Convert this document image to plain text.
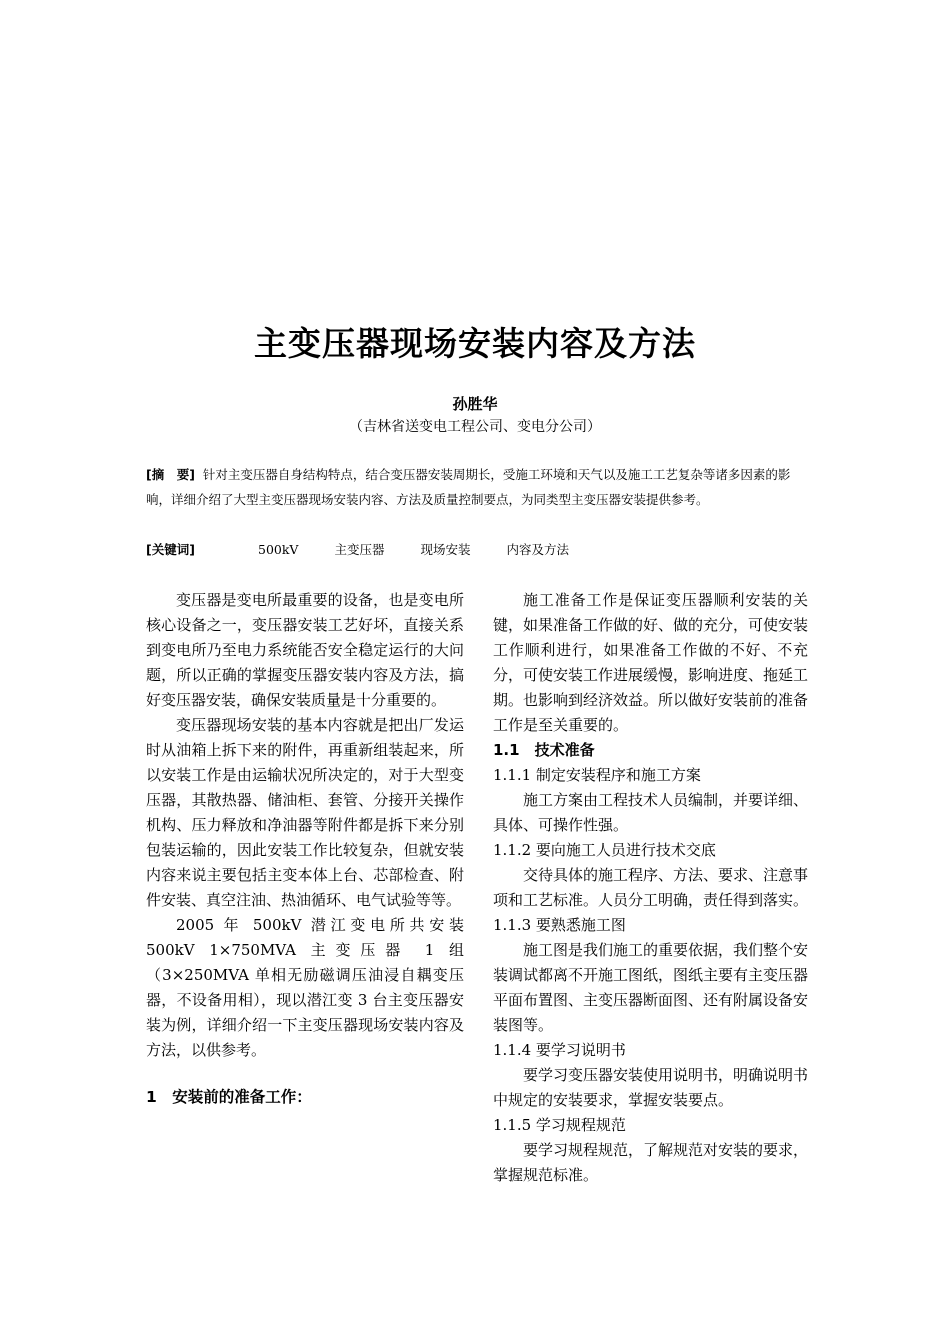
主变压器现场安装内容及方法
孙胜华
（吉林省送变电工程公司、变电分公司）
[摘　要] 针对主变压器自身结构特点，结合变压器安装周期长，受施工环境和天气以及施工工艺复杂等诸多因素的影响，详细介绍了大型主变压器现场安装内容、方法及质量控制要点，为同类型主变压器安装提供参考。
[关键词]	500kV	主变压器	现场安装	内容及方法

变压器是变电所最重要的设备，也是变电所核心设备之一，变压器安装工艺好坏，直接关系到变电所乃至电力系统能否安全稳定运行的大问题，所以正确的掌握变压器安装内容及方法，搞好变压器安装，确保安装质量是十分重要的。

变压器现场安装的基本内容就是把出厂发运时从油箱上拆下来的附件，再重新组装起来，所以安装工作是由运输状况所决定的，对于大型变压器，其散热器、储油柜、套管、分接开关操作机构、压力释放和净油器等附件都是拆下来分别包装运输的，因此安装工作比较复杂，但就安装内容来说主要包括主变本体上台、芯部检查、附件安装、真空注油、热油循环、电气试验等等。

2005 年 500kV 潜江变电所共安装 500kV 1×750MVA 主变压器 1 组（3×250MVA 单相无励磁调压油浸自耦变压器，不设备用相），现以潜江变 3 台主变压器安装为例，详细介绍一下主变压器现场安装内容及方法，以供参考。

1　安装前的准备工作：

施工准备工作是保证变压器顺利安装的关键，如果准备工作做的好、做的充分，可使安装工作顺利进行，如果准备工作做的不好、不充分，可使安装工作进展缓慢，影响进度、拖延工期。也影响到经济效益。所以做好安装前的准备工作是至关重要的。

1.1　技术准备

1.1.1 制定安装程序和施工方案

施工方案由工程技术人员编制，并要详细、具体、可操作性强。

1.1.2 要向施工人员进行技术交底

交待具体的施工程序、方法、要求、注意事项和工艺标准。人员分工明确，责任得到落实。

1.1.3 要熟悉施工图

施工图是我们施工的重要依据，我们整个安装调试都离不开施工图纸，图纸主要有主变压器平面布置图、主变压器断面图、还有附属设备安装图等。

1.1.4 要学习说明书

要学习变压器安装使用说明书，明确说明书中规定的安装要求，掌握安装要点。

1.1.5 学习规程规范

要学习规程规范，了解规范对安装的要求，掌握规范标准。
